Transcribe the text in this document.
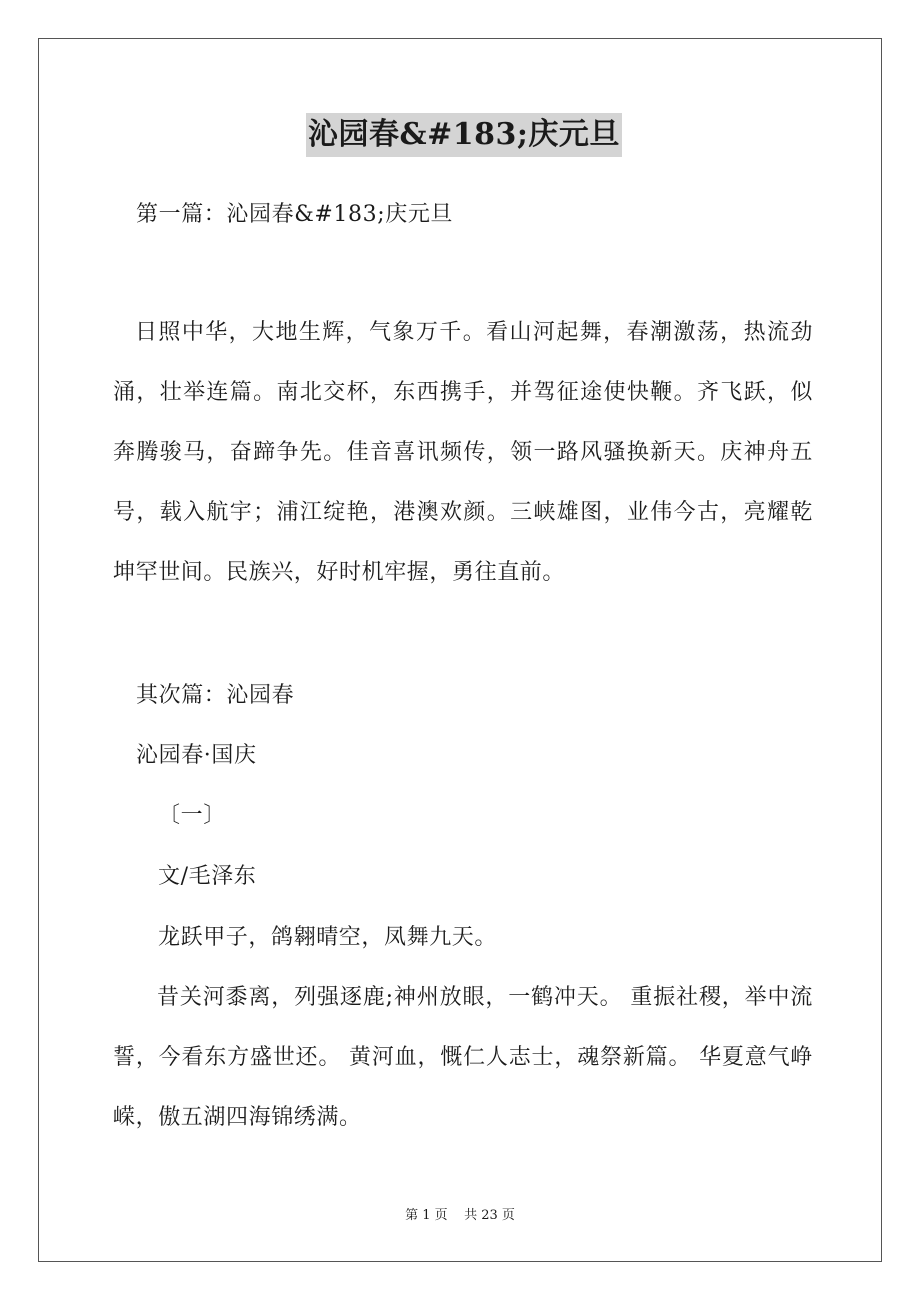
沁园春&#183;庆元旦
第一篇：沁园春&#183;庆元旦
日照中华，大地生辉，气象万千。看山河起舞，春潮激荡，热流劲涌，壮举连篇。南北交杯，东西携手，并驾征途使快鞭。齐飞跃，似奔腾骏马，奋蹄争先。佳音喜讯频传，领一路风骚换新天。庆神舟五号，载入航宇；浦江绽艳，港澳欢颜。三峡雄图，业伟今古，亮耀乾坤罕世间。民族兴，好时机牢握，勇往直前。
其次篇：沁园春
沁园春·国庆
〔一〕
文/毛泽东
龙跃甲子，鸽翱晴空，凤舞九天。
昔关河黍离，列强逐鹿;神州放眼，一鹤冲天。 重振社稷，举中流誓，今看东方盛世还。 黄河血，慨仁人志士，魂祭新篇。 华夏意气峥嵘，傲五湖四海锦绣满。
第 1 页    共 23 页
